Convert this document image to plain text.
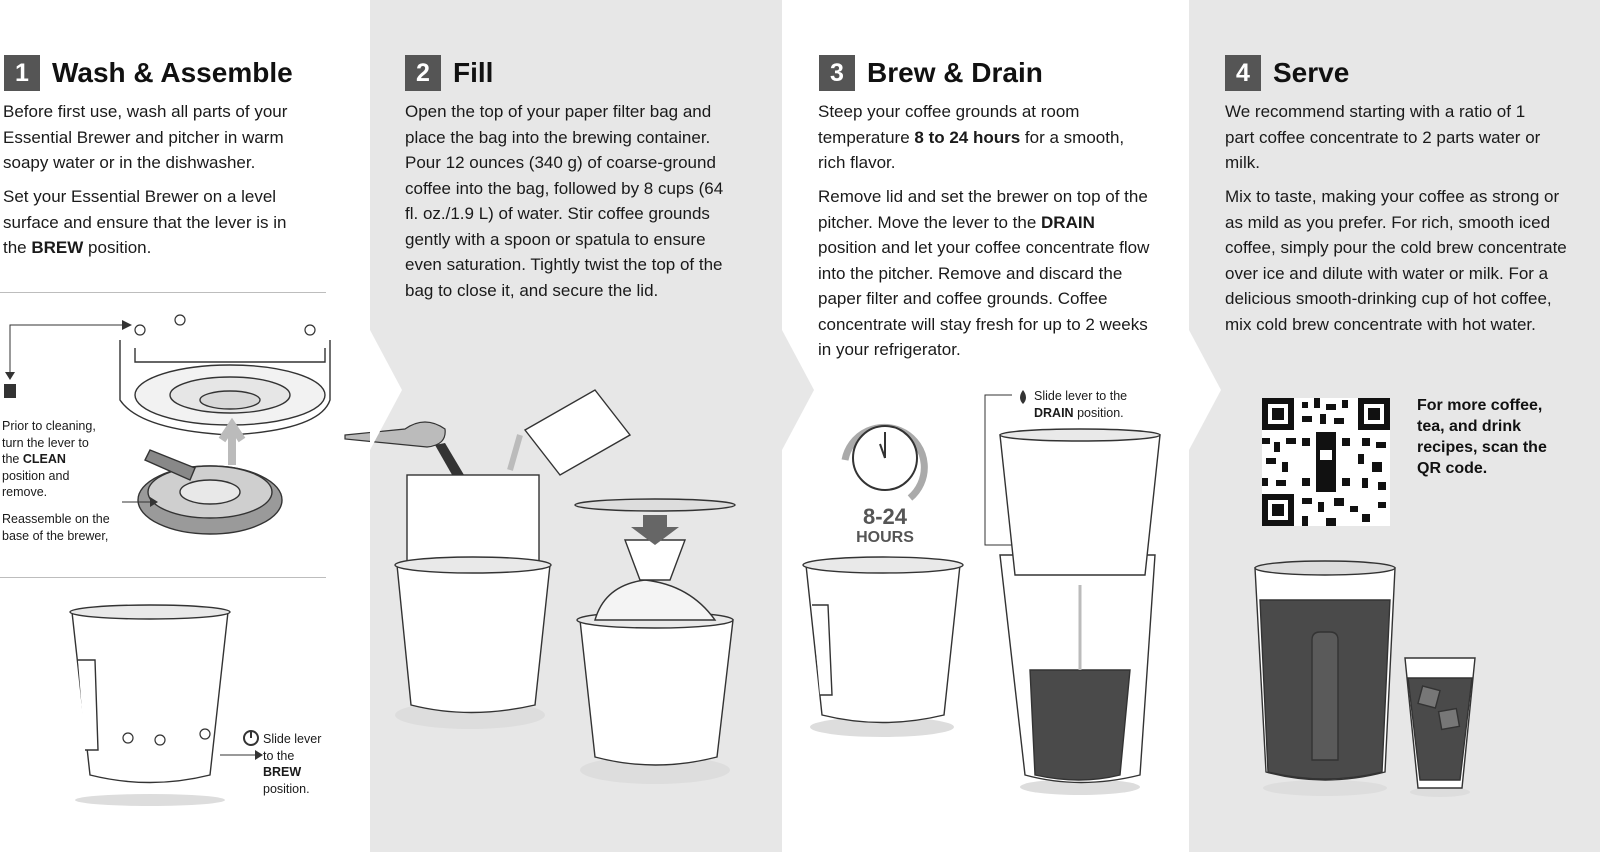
1 Wash & Assemble

Before first use, wash all parts of your Essential Brewer and pitcher in warm soapy water or in the dishwasher.

Set your Essential Brewer on a level surface and ensure that the lever is in the BREW position.

Prior to cleaning, turn the lever to the CLEAN position and remove.

Reassemble on the base of the brewer,

Slide lever to the BREW position.

2 Fill

Open the top of your paper filter bag and place the bag into the brewing container. Pour 12 ounces (340 g) of coarse-ground coffee into the bag, followed by 8 cups (64 fl. oz./1.9 L) of water. Stir coffee grounds gently with a spoon or spatula to ensure even saturation. Tightly twist the top of the bag to close it, and secure the lid.

3 Brew & Drain

Steep your coffee grounds at room temperature 8 to 24 hours for a smooth, rich flavor.

Remove lid and set the brewer on top of the pitcher. Move the lever to the DRAIN position and let your coffee concentrate flow into the pitcher. Remove and discard the paper filter and coffee grounds. Coffee concentrate will stay fresh for up to 2 weeks in your refrigerator.

8-24
HOURS

Slide lever to the DRAIN position.

4 Serve

We recommend starting with a ratio of 1 part coffee concentrate to 2 parts water or milk.

Mix to taste, making your coffee as strong or as mild as you prefer. For rich, smooth iced coffee, simply pour the cold brew concentrate over ice and dilute with water or milk. For a delicious smooth-drinking cup of hot coffee, mix cold brew concentrate with hot water.

For more coffee, tea, and drink recipes, scan the QR code.
